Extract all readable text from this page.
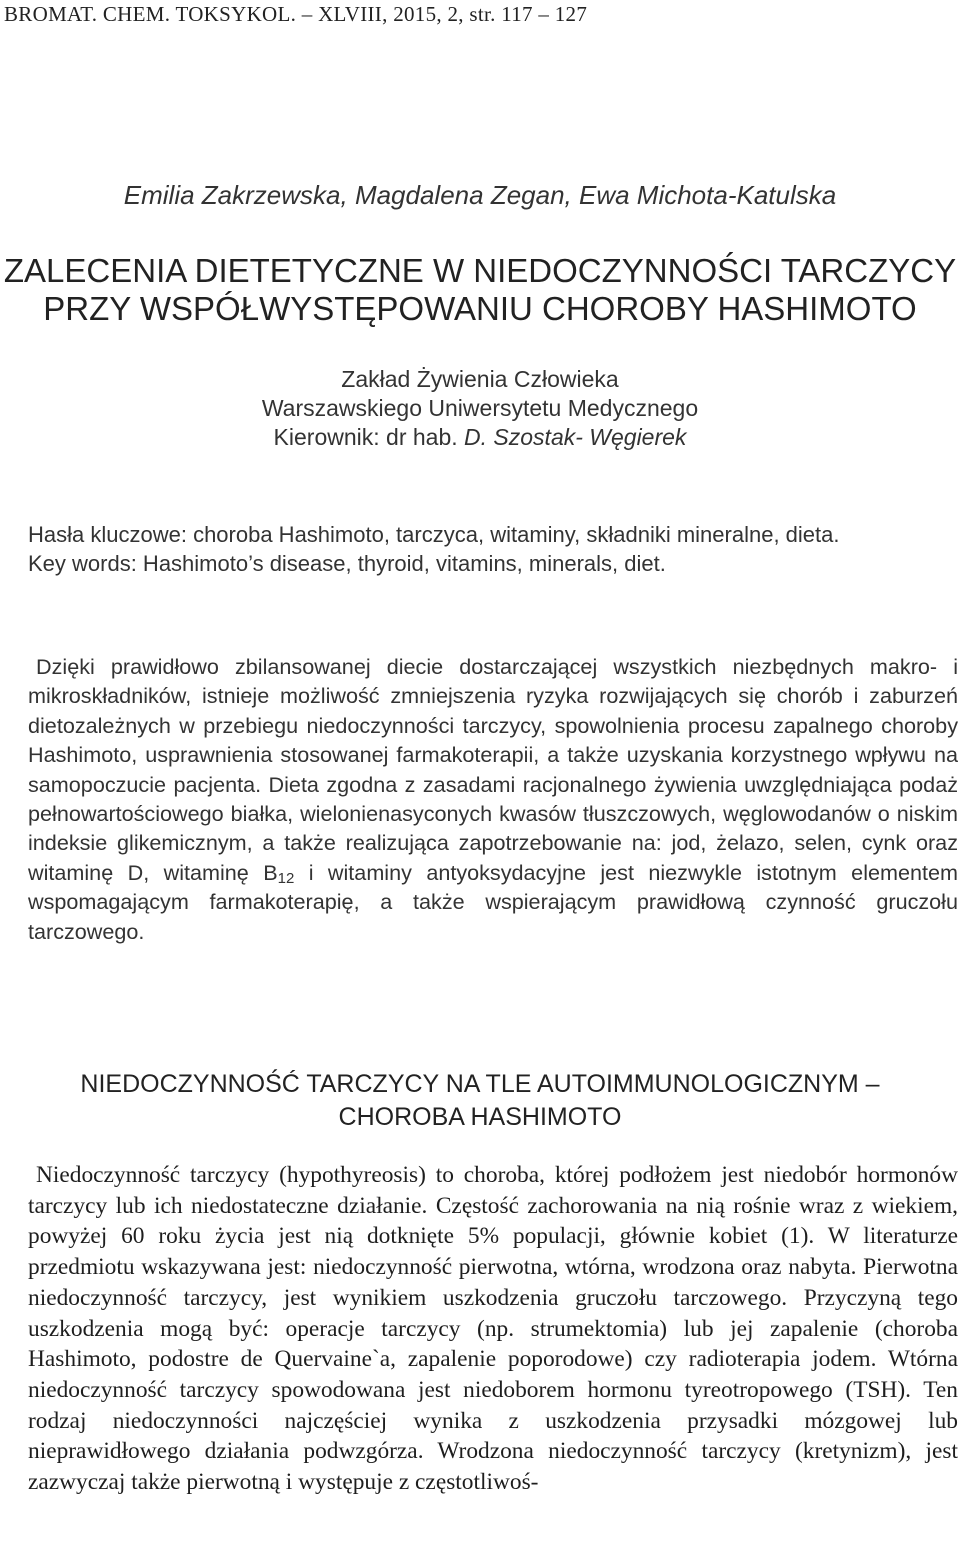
BROMAT. CHEM. TOKSYKOL. – XLVIII, 2015, 2, str. 117 – 127
Emilia Zakrzewska, Magdalena Zegan, Ewa Michota-Katulska
ZALECENIA DIETETYCZNE W NIEDOCZYNNOŚCI TARCZYCY
PRZY WSPÓŁWYSTĘPOWANIU CHOROBY HASHIMOTO
Zakład Żywienia Człowieka
Warszawskiego Uniwersytetu Medycznego
Kierownik: dr hab. D. Szostak- Węgierek

Hasła kluczowe: choroba Hashimoto, tarczyca, witaminy, składniki mineralne, dieta.

Key words: Hashimoto’s disease, thyroid, vitamins, minerals, diet.

Dzięki prawidłowo zbilansowanej diecie dostarczającej wszystkich niezbędnych makro- i mikroskładników, istnieje możliwość zmniejszenia ryzyka rozwijających się chorób i zaburzeń dietozależnych w przebiegu niedoczynności tarczycy, spowolnienia procesu zapalnego choroby Hashimoto, usprawnienia stosowanej farmakoterapii, a także uzyskania korzystnego wpływu na samopoczucie pacjenta. Dieta zgodna z zasadami racjonalnego żywienia uwzględniająca podaż pełnowartościowego białka, wielonienasyconych kwasów tłuszczowych, węglowodanów o niskim indeksie glikemicznym, a także realizująca zapotrzebowanie na: jod, żelazo, selen, cynk oraz witaminę D, witaminę $B_{12}$ i witaminy antyoksydacyjne jest niezwykle istotnym elementem wspomagającym farmakoterapię, a także wspierającym prawidłową czynność gruczołu tarczowego.

NIEDOCZYNNOŚĆ TARCZYCY NA TLE AUTOIMMUNOLOGICZNYM –
CHOROBA HASHIMOTO

Niedoczynność tarczycy (hypothyreosis) to choroba, której podłożem jest niedobór hormonów tarczycy lub ich niedostateczne działanie. Częstość zachorowania na nią rośnie wraz z wiekiem, powyżej 60 roku życia jest nią dotknięte 5% populacji, głównie kobiet (1). W literaturze przedmiotu wskazywana jest: niedoczynność pierwotna, wtórna, wrodzona oraz nabyta. Pierwotna niedoczynność tarczycy, jest wynikiem uszkodzenia gruczołu tarczowego. Przyczyną tego uszkodzenia mogą być: operacje tarczycy (np. strumektomia) lub jej zapalenie (choroba Hashimoto, podostre de Quervaine`a, zapalenie poporodowe) czy radioterapia jodem. Wtórna niedoczynność tarczycy spowodowana jest niedoborem hormonu tyreotropowego (TSH). Ten rodzaj niedoczynności najczęściej wynika z uszkodzenia przysadki mózgowej lub nieprawidłowego działania podwzgórza. Wrodzona niedoczynność tarczycy (kretynizm), jest zazwyczaj także pierwotną i występuje z częstotliwoś-
